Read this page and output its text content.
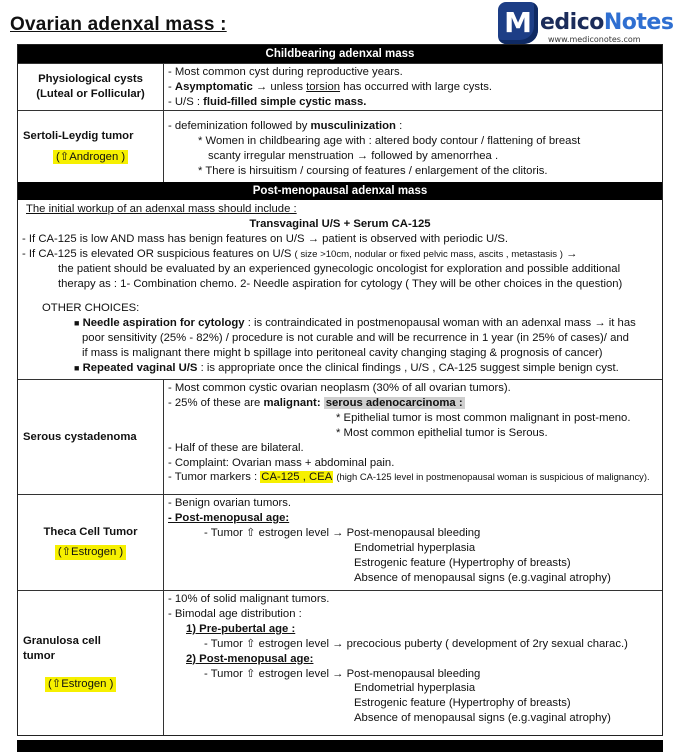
Ovarian adenxal mass :	M edicoNotes
www.mediconotes.com
Childbearing adenxal mass
Physiological cysts
(Luteal or Follicular)
- Most common cyst during reproductive years.
- Asymptomatic → unless torsion has occurred with large cysts.
- U/S : fluid-filled simple cystic mass.
Sertoli-Leydig tumor
(⇧Androgen )
- defeminization followed by musculinization :
* Women in childbearing age with : altered body contour / flattening of breast
scanty irregular menstruation → followed by amenorrhea .
* There is hirsuitism / coursing of features / enlargement of the clitoris.
Post-menopausal adenxal mass
The initial workup of an adenxal mass should include :
Transvaginal U/S + Serum CA-125
- If CA-125 is low AND mass has benign features on U/S → patient is observed with periodic U/S.
- If CA-125 is elevated OR suspicious features on U/S ( size >10cm, nodular or fixed pelvic mass, ascits , metastasis ) →
the patient should be evaluated by an experienced gynecologic oncologist for exploration and possible additional
therapy as : 1- Combination chemo. 2- Needle aspiration for cytology ( They will be other choices in the question)
OTHER CHOICES:
■ Needle aspiration for cytology : is contraindicated in postmenopausal woman with an adenxal mass → it has
poor sensitivity (25% - 82%) / procedure is not curable and will be recurrence in 1 year (in 25% of cases)/ and
if mass is malignant there might b spillage into peritoneal cavity changing staging & prognosis of cancer)
■ Repeated vaginal U/S : is appropriate once the clinical findings , U/S , CA-125 suggest simple benign cyst.
Serous cystadenoma
- Most common cystic ovarian neoplasm (30% of all ovarian tumors).
- 25% of these are malignant: serous adenocarcinoma :
* Epithelial tumor is most common malignant in post-meno.
* Most common epithelial tumor is Serous.
- Half of these are bilateral.
- Complaint: Ovarian mass + abdominal pain.
- Tumor markers : CA-125 , CEA (high CA-125 level in postmenopausal woman is suspicious of malignancy).
Theca Cell Tumor
(⇧Estrogen )
- Benign ovarian tumors.
- Post-menopusal age:
- Tumor ⇧ estrogen level → Post-menopausal bleeding
Endometrial hyperplasia
Estrogenic feature (Hypertrophy of breasts)
Absence of menopausal signs (e.g.vaginal atrophy)
Granulosa cell
tumor
(⇧Estrogen )
- 10% of solid malignant tumors.
- Bimodal age distribution :
1) Pre-pubertal age :
- Tumor ⇧ estrogen level → precocious puberty ( development of 2ry sexual charac.)
2) Post-menopusal age:
- Tumor ⇧ estrogen level → Post-menopausal bleeding
Endometrial hyperplasia
Estrogenic feature (Hypertrophy of breasts)
Absence of menopausal signs (e.g.vaginal atrophy)
